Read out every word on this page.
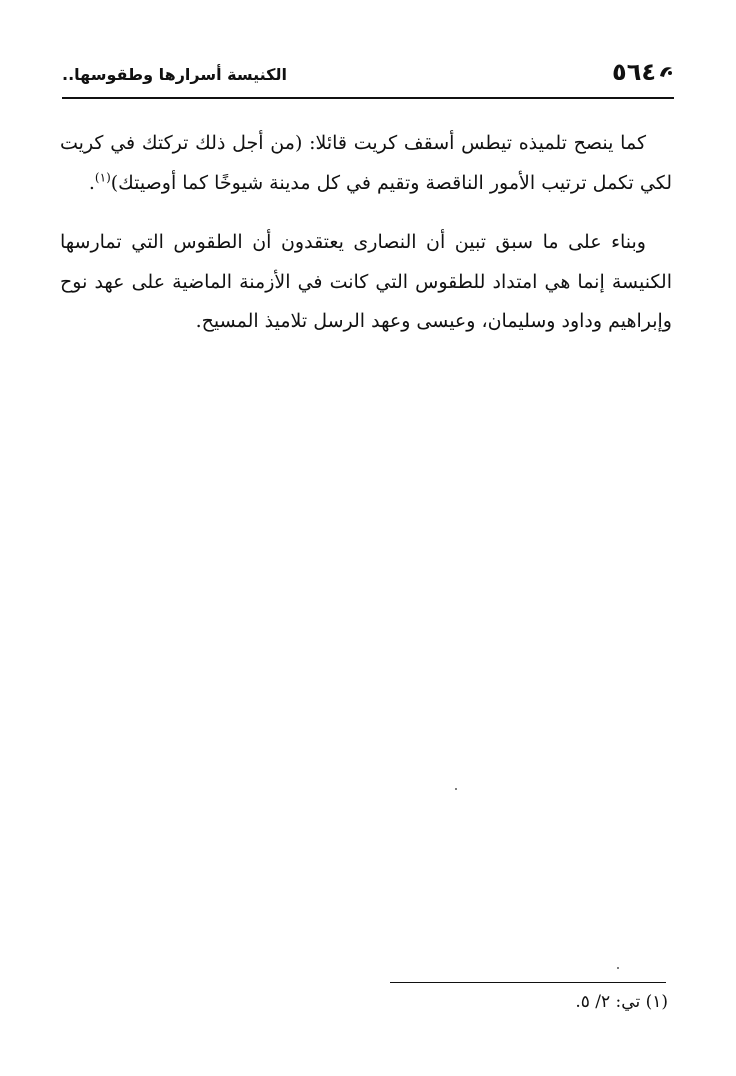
٥٦٤
الكنيسة أسرارها وطقوسها..

كما ينصح تلميذه تيطس أسقف كريت قائلا: (من أجل ذلك تركتك في كريت لكي تكمل ترتيب الأمور الناقصة وتقيم في كل مدينة شيوخًا كما أوصيتك)$^{(١)}$.

وبناء على ما سبق تبين أن النصارى يعتقدون أن الطقوس التي تمارسها الكنيسة إنما هي امتداد للطقوس التي كانت في الأزمنة الماضية على عهد نوح وإبراهيم وداود وسليمان، وعيسى وعهد الرسل تلاميذ المسيح.

(١) تي: ٢/ ٥.
